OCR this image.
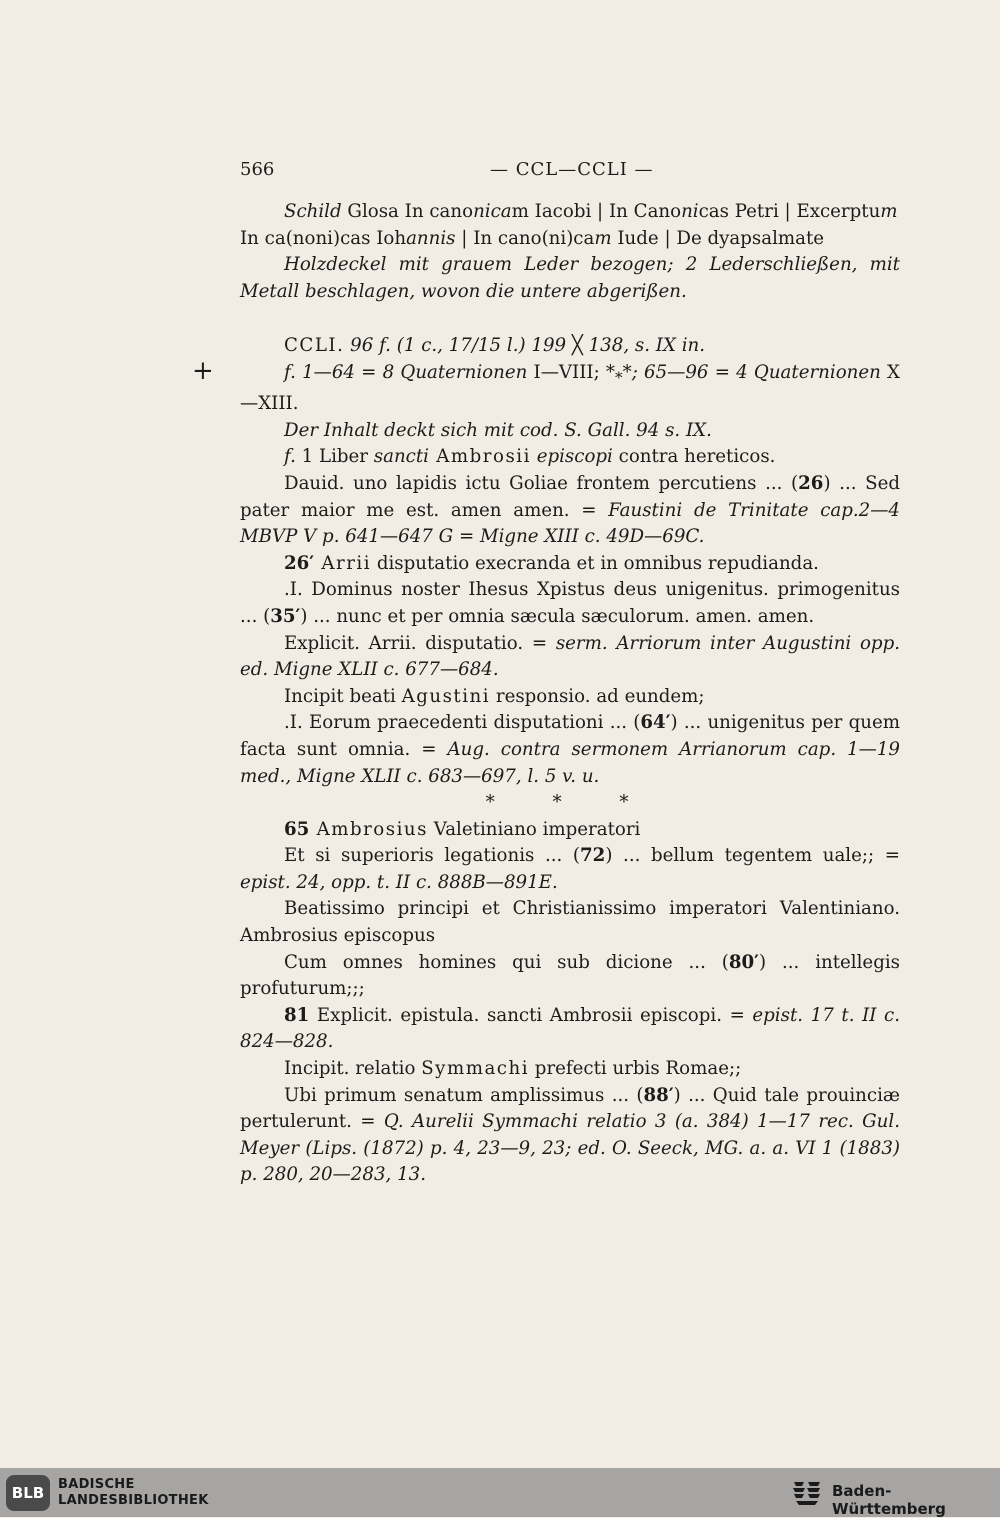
566	— CCL—CCLI —
+

Schild Glosa In canonicam Iacobi | In Canonicas Petri | Excerptum
In ca(noni)cas Iohannis | In cano(ni)cam Iude | De dyapsalmate

Holzdeckel mit grauem Leder bezogen; 2 Lederschließen, mit Metall beschlagen, wovon die untere abgerißen.

CCLI. 96 f. (1 c., 17/15 l.) 199 ╳ 138, s. IX in.

f. 1—64 = 8 Quaternionen I—VIII; $*_**$; 65—96 = 4 Quaternionen X—XIII.

Der Inhalt deckt sich mit cod. S. Gall. 94 s. IX.

f. 1 Liber sancti Ambrosii episcopi contra hereticos.

Dauid. uno lapidis ictu Goliae frontem percutiens ... (26) ... Sed pater maior me est. amen amen. = Faustini de Trinitate cap.2—4 MBVP V p. 641—647 G = Migne XIII c. 49D—69C.

26′ Arrii disputatio execranda et in omnibus repudianda.

.I. Dominus noster Ihesus Xpistus deus unigenitus. primogenitus ... (35′) ... nunc et per omnia sæcula sæculorum. amen. amen.

Explicit. Arrii. disputatio. = serm. Arriorum inter Augustini opp. ed. Migne XLII c. 677—684.

Incipit beati Agustini responsio. ad eundem;

.I. Eorum praecedenti disputationi ... (64′) ... unigenitus per quem facta sunt omnia. = Aug. contra sermonem Arrianorum cap. 1—19 med., Migne XLII c. 683—697, l. 5 v. u.

* * *

65 Ambrosius Valetiniano imperatori

Et si superioris legationis ... (72) ... bellum tegentem uale;; = epist. 24, opp. t. II c. 888B—891E.

Beatissimo principi et Christianissimo imperatori Valentiniano. Ambrosius episcopus

Cum omnes homines qui sub dicione ... (80′) ... intellegis profuturum;;;

81 Explicit. epistula. sancti Ambrosii episcopi. = epist. 17 t. II c. 824—828.

Incipit. relatio Symmachi prefecti urbis Romae;;

Ubi primum senatum amplissimus ... (88′) ... Quid tale prouinciæ pertulerunt. = Q. Aurelii Symmachi relatio 3 (a. 384) 1—17 rec. Gul. Meyer (Lips. (1872) p. 4, 23—9, 23; ed. O. Seeck, MG. a. a. VI 1 (1883) p. 280, 20—283, 13.

BLB	BADISCHE
LANDESBIBLIOTHEK
Baden-Württemberg
